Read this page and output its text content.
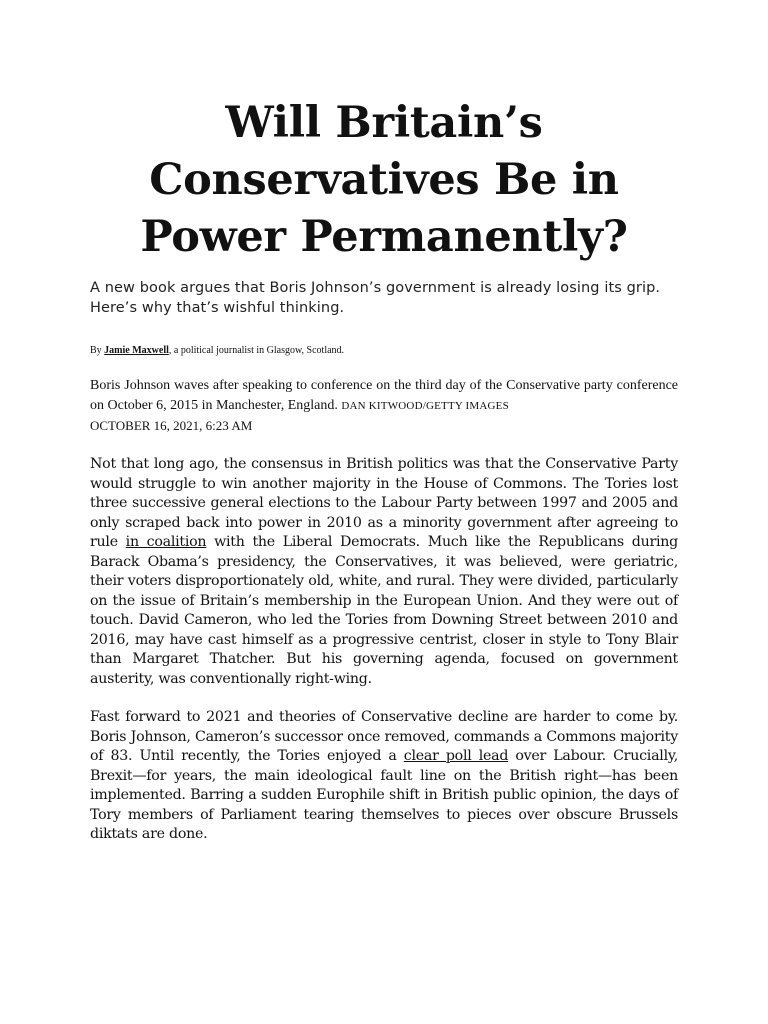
Will Britain’s Conservatives Be in Power Permanently?

A new book argues that Boris Johnson’s government is already losing its grip. Here’s why that’s wishful thinking.

By Jamie Maxwell, a political journalist in Glasgow, Scotland.

Boris Johnson waves after speaking to conference on the third day of the Conservative party conference on October 6, 2015 in Manchester, England. DAN KITWOOD/GETTY IMAGES

OCTOBER 16, 2021, 6:23 AM

Not that long ago, the consensus in British politics was that the Conservative Party would struggle to win another majority in the House of Commons. The Tories lost three successive general elections to the Labour Party between 1997 and 2005 and only scraped back into power in 2010 as a minority government after agreeing to rule in coalition with the Liberal Democrats. Much like the Republicans during Barack Obama’s presidency, the Conservatives, it was believed, were geriatric, their voters disproportionately old, white, and rural. They were divided, particularly on the issue of Britain’s membership in the European Union. And they were out of touch. David Cameron, who led the Tories from Downing Street between 2010 and 2016, may have cast himself as a progressive centrist, closer in style to Tony Blair than Margaret Thatcher. But his governing agenda, focused on government austerity, was conventionally right-wing.

Fast forward to 2021 and theories of Conservative decline are harder to come by. Boris Johnson, Cameron’s successor once removed, commands a Commons majority of 83. Until recently, the Tories enjoyed a clear poll lead over Labour. Crucially, Brexit—for years, the main ideological fault line on the British right—has been implemented. Barring a sudden Europhile shift in British public opinion, the days of Tory members of Parliament tearing themselves to pieces over obscure Brussels diktats are done.
